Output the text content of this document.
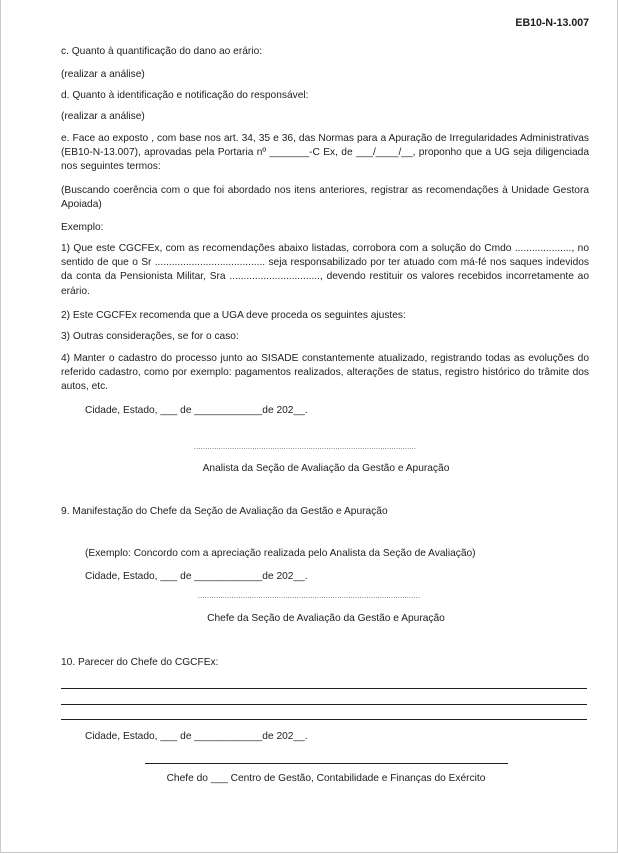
EB10-N-13.007
c. Quanto à quantificação do dano ao erário:
(realizar a análise)
d. Quanto à identificação e notificação do responsável:
(realizar a análise)
e. Face ao exposto , com base nos art. 34, 35 e 36, das Normas para a Apuração de Irregularidades Administrativas (EB10-N-13.007), aprovadas pela Portaria nº _______-C Ex, de ___/____/__, proponho que a UG seja diligenciada nos seguintes termos:
(Buscando coerência com o que foi abordado nos itens anteriores, registrar as recomendações à Unidade Gestora Apoiada)
Exemplo:
1) Que este CGCFEx, com as recomendações abaixo listadas, corrobora com a solução do Cmdo ...................., no sentido de que o Sr ....................................... seja responsabilizado por ter atuado com má-fé nos saques indevidos da conta da Pensionista Militar, Sra ................................, devendo restituir os valores recebidos incorretamente ao erário.
2) Este CGCFEx recomenda que a UGA deve proceda os seguintes ajustes:
3) Outras considerações, se for o caso:
4) Manter o cadastro do processo junto ao SISADE constantemente atualizado, registrando todas as evoluções do referido cadastro, como por exemplo: pagamentos realizados, alterações de status, registro histórico do trâmite dos autos, etc.
Cidade, Estado, ___ de ____________de 202__.
...................................................................................................
Analista da Seção de Avaliação da Gestão e Apuração
9. Manifestação do Chefe da Seção de Avaliação da Gestão e Apuração
(Exemplo: Concordo com a apreciação realizada pelo Analista da Seção de Avaliação)
Cidade, Estado, ___ de ____________de 202__.
...................................................................................................
Chefe da Seção de Avaliação da Gestão e Apuração
10. Parecer do Chefe do CGCFEx:
Cidade, Estado, ___ de ____________de 202__.
Chefe do ___ Centro de Gestão, Contabilidade e Finanças do Exército
